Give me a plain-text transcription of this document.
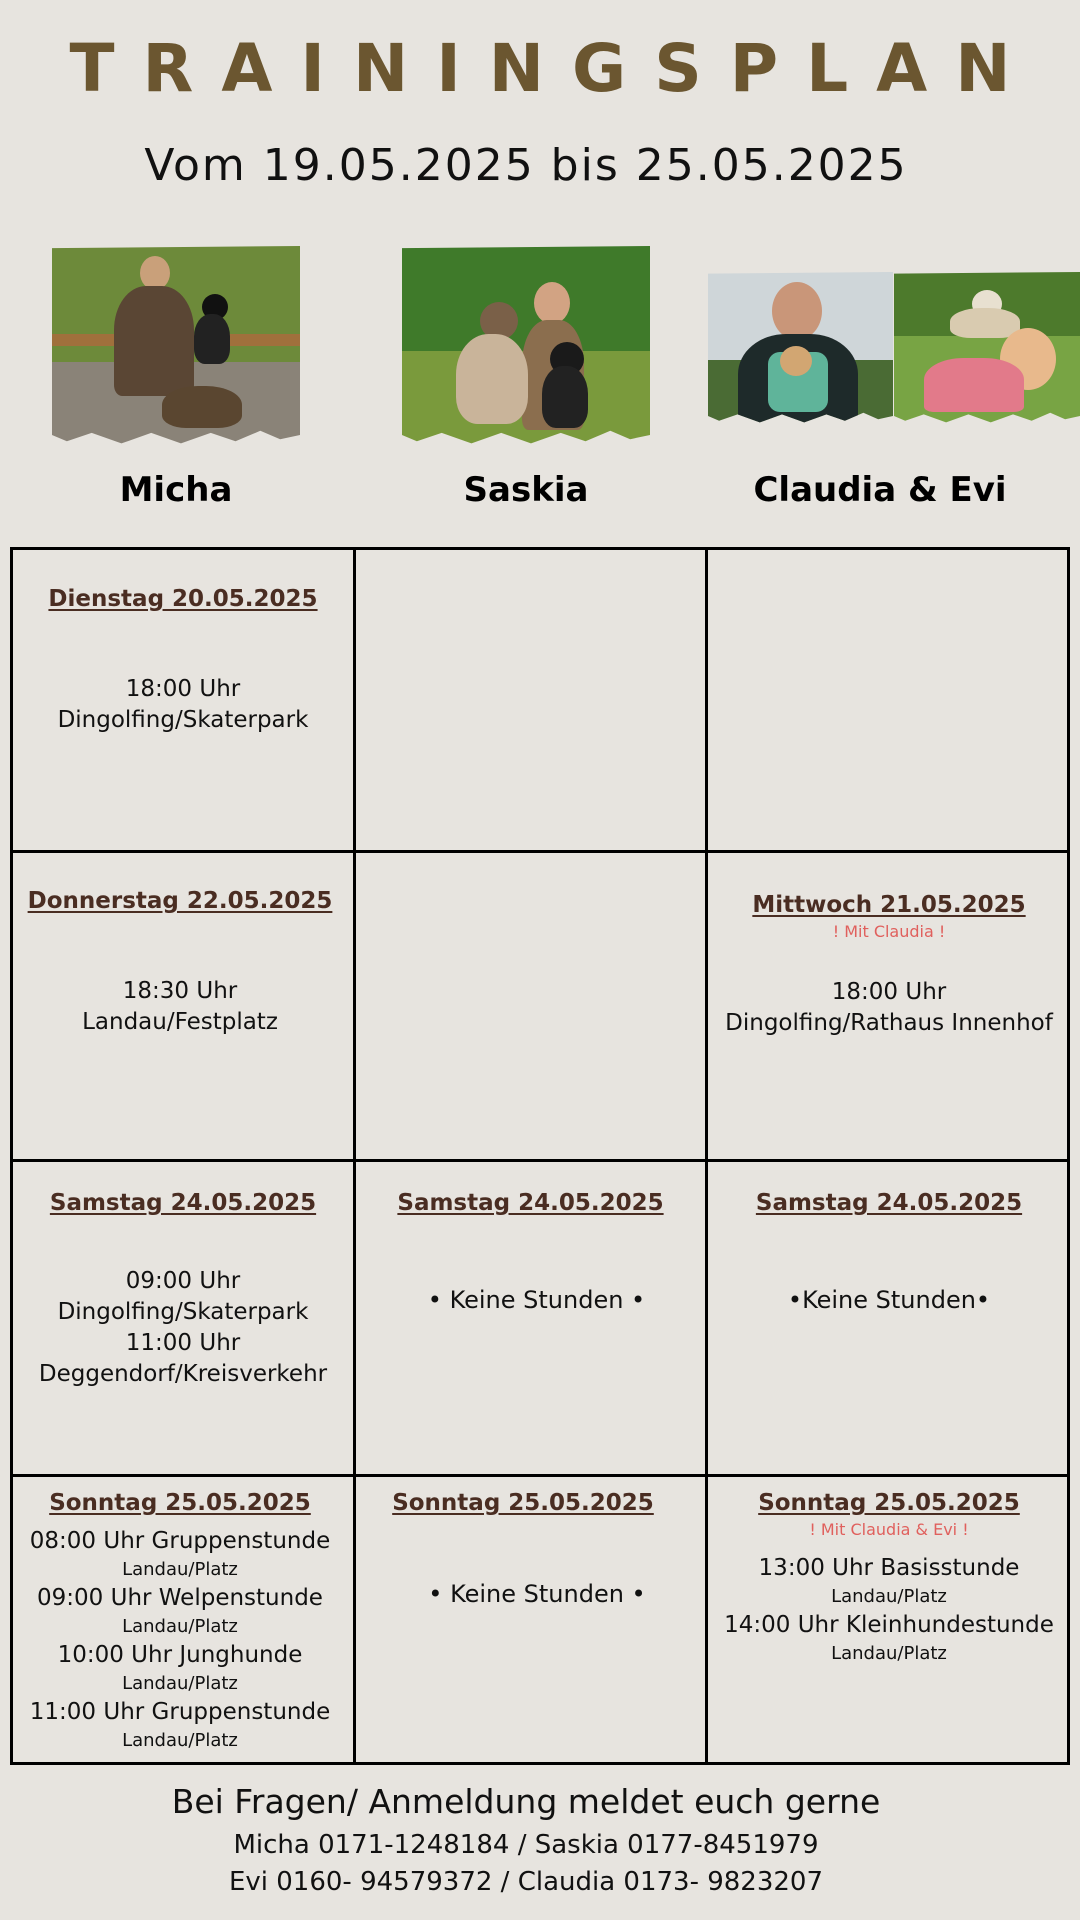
TRAININGSPLAN
Vom 19.05.2025 bis 25.05.2025
Micha	Saskia	Claudia & Evi
Dienstag 20.05.2025
18:00 Uhr
Dingolfing/Skaterpark
Donnerstag 22.05.2025
18:30 Uhr
Landau/Festplatz
Mittwoch 21.05.2025
! Mit Claudia !
18:00 Uhr
Dingolfing/Rathaus Innenhof
Samstag 24.05.2025
09:00 Uhr
Dingolfing/Skaterpark
11:00 Uhr
Deggendorf/Kreisverkehr
Samstag 24.05.2025
• Keine Stunden •
Samstag 24.05.2025
•Keine Stunden•
Sonntag 25.05.2025
08:00 Uhr Gruppenstunde
Landau/Platz
09:00 Uhr Welpenstunde
Landau/Platz
10:00 Uhr Junghunde
Landau/Platz
11:00 Uhr Gruppenstunde
Landau/Platz
Sonntag 25.05.2025
• Keine Stunden •
Sonntag 25.05.2025
! Mit Claudia & Evi !
13:00 Uhr Basisstunde
Landau/Platz
14:00 Uhr Kleinhundestunde
Landau/Platz
Bei Fragen/ Anmeldung meldet euch gerne
Micha 0171-1248184 / Saskia 0177-8451979
Evi 0160- 94579372 / Claudia 0173- 9823207
